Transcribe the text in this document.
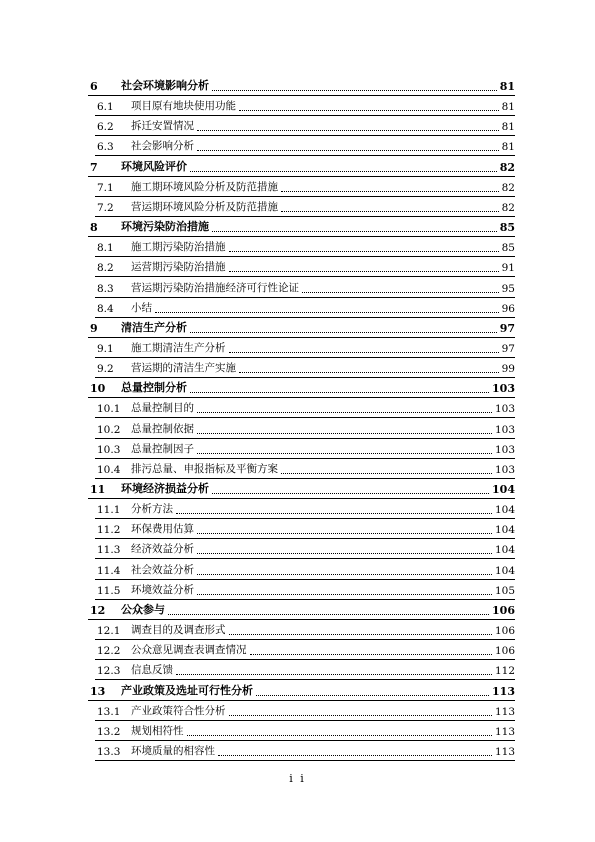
6 社会环境影响分析	81
6.1 项目原有地块使用功能	81
6.2 拆迁安置情况	81
6.3 社会影响分析	81
7 环境风险评价	82
7.1 施工期环境风险分析及防范措施	82
7.2 营运期环境风险分析及防范措施	82
8 环境污染防治措施	85
8.1 施工期污染防治措施	85
8.2 运营期污染防治措施	91
8.3 营运期污染防治措施经济可行性论证	95
8.4 小结	96
9 清洁生产分析	97
9.1 施工期清洁生产分析	97
9.2 营运期的清洁生产实施	99
10 总量控制分析	103
10.1 总量控制目的	103
10.2 总量控制依据	103
10.3 总量控制因子	103
10.4 排污总量、申报指标及平衡方案	103
11 环境经济损益分析	104
11.1 分析方法	104
11.2 环保费用估算	104
11.3 经济效益分析	104
11.4 社会效益分析	104
11.5 环境效益分析	105
12 公众参与	106
12.1 调查目的及调查形式	106
12.2 公众意见调查表调查情况	106
12.3 信息反馈	112
13 产业政策及选址可行性分析	113
13.1 产业政策符合性分析	113
13.2 规划相符性	113
13.3 环境质量的相容性	113
i i
